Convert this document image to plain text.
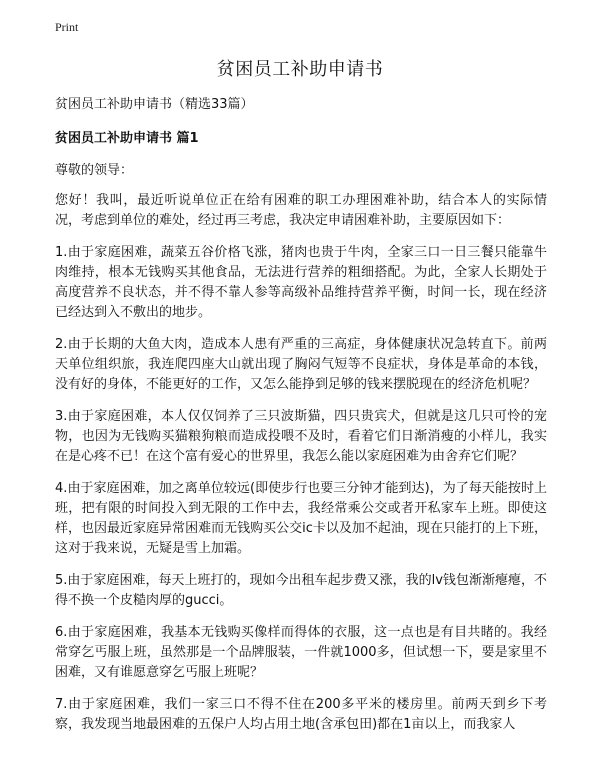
Print
贫困员工补助申请书

贫困员工补助申请书（精选33篇）

贫困员工补助申请书 篇1

尊敬的领导：

您好！我叫，最近听说单位正在给有困难的职工办理困难补助，结合本人的实际情况，考虑到单位的难处，经过再三考虑，我决定申请困难补助，主要原因如下：

1.由于家庭困难，蔬菜五谷价格飞涨，猪肉也贵于牛肉，全家三口一日三餐只能靠牛肉维持，根本无钱购买其他食品，无法进行营养的粗细搭配。为此，全家人长期处于高度营养不良状态，并不得不靠人参等高级补品维持营养平衡，时间一长，现在经济已经达到入不敷出的地步。

2.由于长期的大鱼大肉，造成本人患有严重的三高症，身体健康状况急转直下。前两天单位组织旅，我连爬四座大山就出现了胸闷气短等不良症状，身体是革命的本钱，没有好的身体，不能更好的工作，又怎么能挣到足够的钱来摆脱现在的经济危机呢？

3.由于家庭困难，本人仅仅饲养了三只波斯猫，四只贵宾犬，但就是这几只可怜的宠物，也因为无钱购买猫粮狗粮而造成投喂不及时，看着它们日渐消瘦的小样儿，我实在是心疼不已！在这个富有爱心的世界里，我怎么能以家庭困难为由舍弃它们呢？

4.由于家庭困难，加之离单位较远(即使步行也要三分钟才能到达)，为了每天能按时上班，把有限的时间投入到无限的工作中去，我经常乘公交或者开私家车上班。即使这样，也因最近家庭异常困难而无钱购买公交ic卡以及加不起油，现在只能打的上下班，这对于我来说，无疑是雪上加霜。

5.由于家庭困难，每天上班打的，现如今出租车起步费又涨，我的lv钱包渐渐瘪瘪，不得不换一个皮糙肉厚的gucci。

6.由于家庭困难，我基本无钱购买像样而得体的衣服，这一点也是有目共睹的。我经常穿乞丐服上班，虽然那是一个品牌服装，一件就1000多，但试想一下，要是家里不困难，又有谁愿意穿乞丐服上班呢？

7.由于家庭困难，我们一家三口不得不住在200多平米的楼房里。前两天到乡下考察，我发现当地最困难的五保户人均占用土地(含承包田)都在1亩以上，而我家人
